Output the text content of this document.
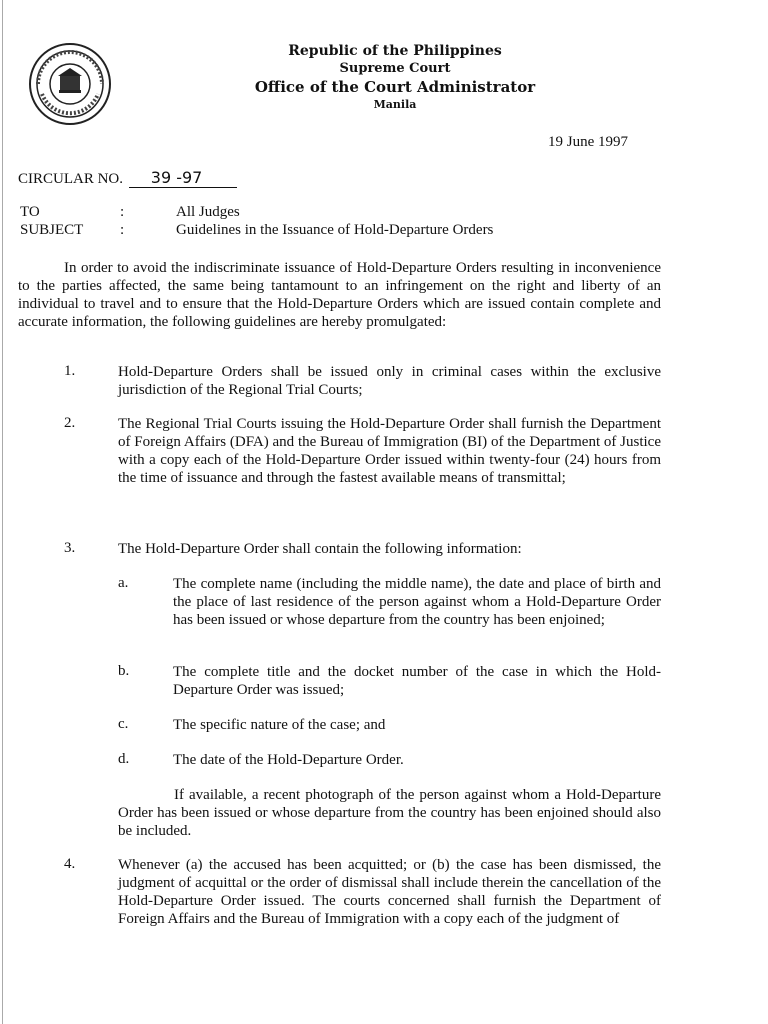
Republic of the Philippines
Supreme Court
Office of the Court Administrator
Manila
19 June 1997
CIRCULAR NO. 39 -97
TO	:	All Judges
SUBJECT :	Guidelines in the Issuance of Hold-Departure Orders
In order to avoid the indiscriminate issuance of Hold-Departure Orders resulting in inconvenience to the parties affected, the same being tantamount to an infringement on the right and liberty of an individual to travel and to ensure that the Hold-Departure Orders which are issued contain complete and accurate information, the following guidelines are hereby promulgated:
1.	Hold-Departure Orders shall be issued only in criminal cases within the exclusive jurisdiction of the Regional Trial Courts;
2.	The Regional Trial Courts issuing the Hold-Departure Order shall furnish the Department of Foreign Affairs (DFA) and the Bureau of Immigration (BI) of the Department of Justice with a copy each of the Hold-Departure Order issued within twenty-four (24) hours from the time of issuance and through the fastest available means of transmittal;
3.	The Hold-Departure Order shall contain the following information:
a.	The complete name (including the middle name), the date and place of birth and the place of last residence of the person against whom a Hold-Departure Order has been issued or whose departure from the country has been enjoined;
b.	The complete title and the docket number of the case in which the Hold-Departure Order was issued;
c.	The specific nature of the case; and
d.	The date of the Hold-Departure Order.
If available, a recent photograph of the person against whom a Hold-Departure Order has been issued or whose departure from the country has been enjoined should also be included.
4.	Whenever (a) the accused has been acquitted; or (b) the case has been dismissed, the judgment of acquittal or the order of dismissal shall include therein the cancellation of the Hold-Departure Order issued. The courts concerned shall furnish the Department of Foreign Affairs and the Bureau of Immigration with a copy each of the judgment of
